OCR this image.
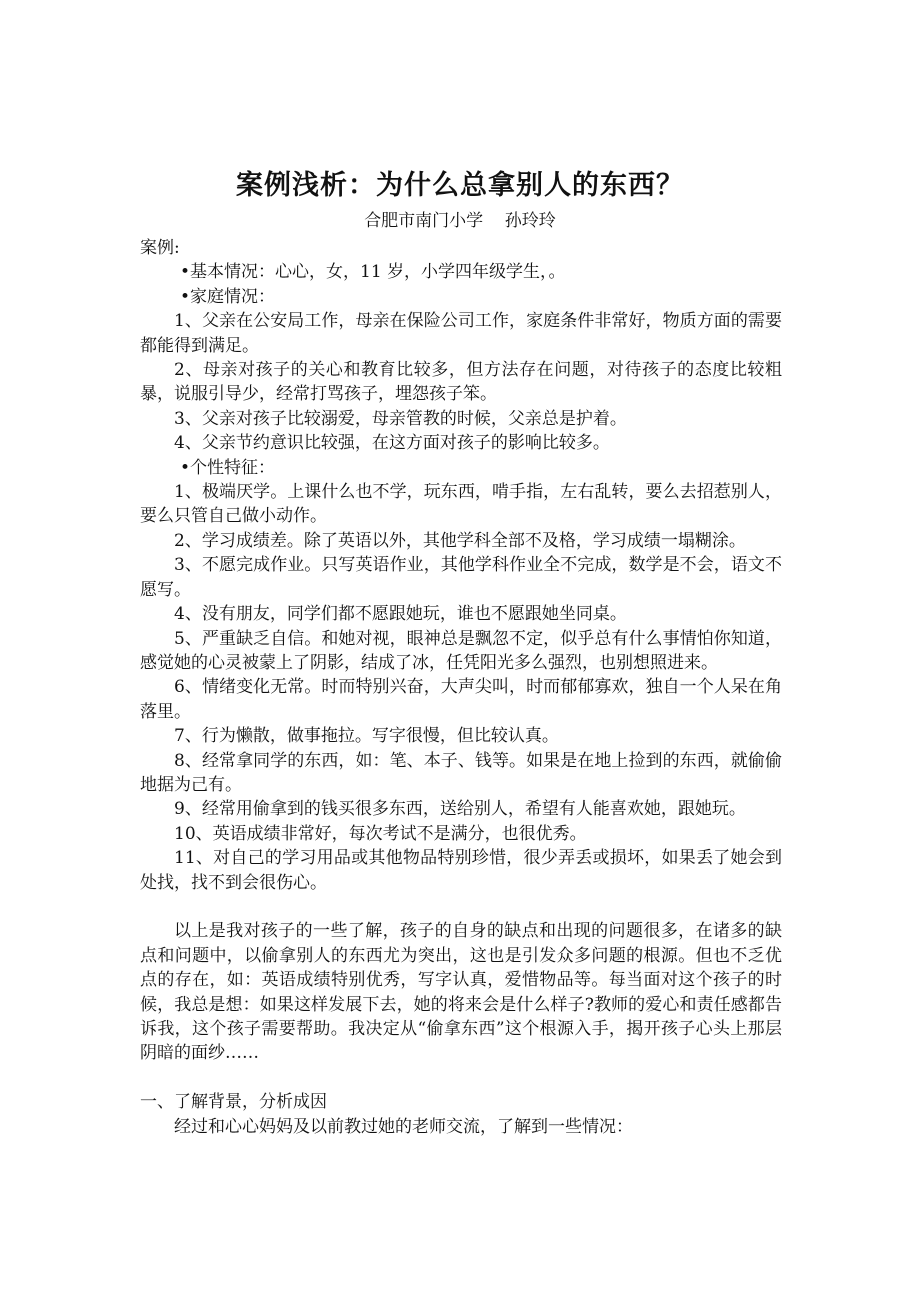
案例浅析：为什么总拿别人的东西？
合肥市南门小学    孙玲玲

案例:

•基本情况：心心，女，11 岁，小学四年级学生，。

•家庭情况：

1、父亲在公安局工作，母亲在保险公司工作，家庭条件非常好，物质方面的需要都能得到满足。

2、母亲对孩子的关心和教育比较多，但方法存在问题，对待孩子的态度比较粗暴，说服引导少，经常打骂孩子，埋怨孩子笨。

3、父亲对孩子比较溺爱，母亲管教的时候，父亲总是护着。

4、父亲节约意识比较强，在这方面对孩子的影响比较多。

•个性特征：

1、极端厌学。上课什么也不学，玩东西，啃手指，左右乱转，要么去招惹别人，要么只管自己做小动作。

2、学习成绩差。除了英语以外，其他学科全部不及格，学习成绩一塌糊涂。

3、不愿完成作业。只写英语作业，其他学科作业全不完成，数学是不会，语文不愿写。

4、没有朋友，同学们都不愿跟她玩，谁也不愿跟她坐同桌。

5、严重缺乏自信。和她对视，眼神总是飘忽不定，似乎总有什么事情怕你知道，感觉她的心灵被蒙上了阴影，结成了冰，任凭阳光多么强烈，也别想照进来。

6、情绪变化无常。时而特别兴奋，大声尖叫，时而郁郁寡欢，独自一个人呆在角落里。

7、行为懒散，做事拖拉。写字很慢，但比较认真。

8、经常拿同学的东西，如：笔、本子、钱等。如果是在地上捡到的东西，就偷偷地据为己有。

9、经常用偷拿到的钱买很多东西，送给别人，希望有人能喜欢她，跟她玩。

10、英语成绩非常好，每次考试不是满分，也很优秀。

11、对自己的学习用品或其他物品特别珍惜，很少弄丢或损坏，如果丢了她会到处找，找不到会很伤心。

以上是我对孩子的一些了解，孩子的自身的缺点和出现的问题很多，在诸多的缺点和问题中，以偷拿别人的东西尤为突出，这也是引发众多问题的根源。但也不乏优点的存在，如：英语成绩特别优秀，写字认真，爱惜物品等。每当面对这个孩子的时候，我总是想：如果这样发展下去，她的将来会是什么样子?教师的爱心和责任感都告诉我，这个孩子需要帮助。我决定从“偷拿东西”这个根源入手，揭开孩子心头上那层阴暗的面纱……

一、了解背景，分析成因

经过和心心妈妈及以前教过她的老师交流，了解到一些情况：
